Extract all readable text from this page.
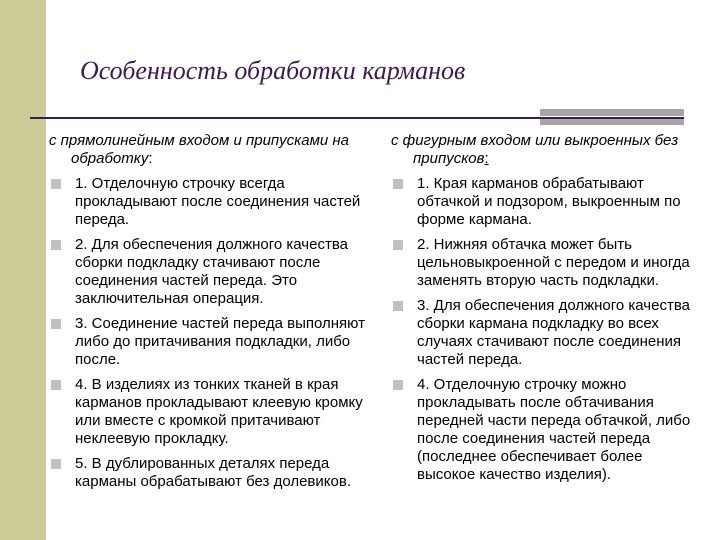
Особенность обработки карманов

с прямолинейным входом и припусками на обработку:

1. Отделочную строчку всегда прокладывают после соединения частей переда.
2. Для обеспечения должного качества сборки подкладку стачивают после соединения частей переда. Это заключительная операция.
3. Соединение частей переда выполняют либо до притачивания подкладки, либо после.
4. В изделиях из тонких тканей в края карманов прокладывают клеевую кромку или вместе с кромкой притачивают неклеевую прокладку.
5. В дублированных деталях переда карманы обрабатывают без долевиков.

с фигурным входом или выкроенных без припусков:

1. Края карманов обрабатывают обтачкой и подзором, выкроенным по форме кармана.
2. Нижняя обтачка может быть цельновыкроенной с передом и иногда заменять вторую часть подкладки.
3. Для обеспечения должного качества сборки кармана подкладку во всех случаях стачивают после соединения частей переда.
4. Отделочную строчку можно прокладывать после обтачивания передней части переда обтачкой, либо после соединения частей переда (последнее обеспечивает более высокое качество изделия).
